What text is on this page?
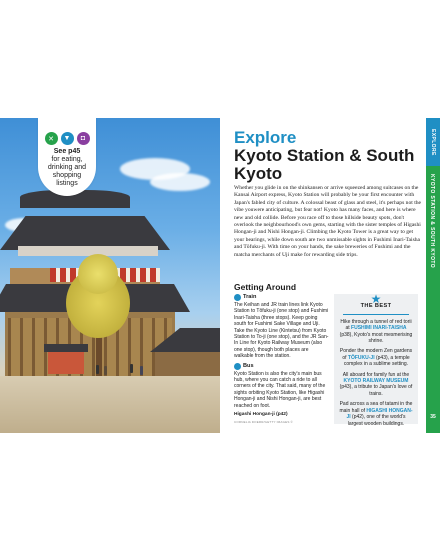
✕	▼	◘
See p45
for eating,
drinking and
shopping
listings
Explore
Kyoto Station & South Kyoto
Whether you glide in on the shinkansen or arrive squeezed among suitcases on the Kansai Airport express, Kyoto Station will probably be your first encounter with Japan's fabled city of culture. A colossal beast of glass and steel, it's perhaps not the vibe youwere anticipating, but fear not! Kyoto has many faces, and here is where new and old collide. Before you race off to those hillside beauty spots, don't overlook the neighbourhood's own gems, starting with the sister temples of Higashi Hongan-ji and Nishi Hongan-ji. Climbing the Kyoto Tower is a great way to get your bearings, while down south are two unmissable sights in Fushimi Inari-Taisha and Tōfuku-ji. With time on your hands, the sake breweries of Fushimi and the matcha merchants of Uji make for rewarding side trips.
Getting Around
Train
The Keihan and JR train lines link Kyoto Station to Tōfuku-ji (one stop) and Fushimi Inari-Taisha (three stops). Keep going south for Fushimi Sake Village and Uji. Take the Kyoto Line (Kintetsu) from Kyoto Station to To-ji (one stop), and the JR San-In Line for Kyoto Railway Museum (also one stop), though both places are walkable from the station.
Bus
Kyoto Station is also the city's main bus hub, where you can catch a ride to all corners of the city. That said, many of the sights orbiting Kyoto Station, like Higashi Hongan-ji and Nishi Hongan-ji, are best reached on foot.
Higashi Hongan-ji (p42)
CORNELIA DOERR/GETTY IMAGES ©
★
THE BEST
Hike through a tunnel of red torii at FUSHIMI INARI-TAISHA (p38), Kyoto's most mesmerising shrine.
Ponder the modern Zen gardens of TŌFUKU-JI (p43), a temple complex in a sublime setting.
All aboard for family fun at the KYOTO RAILWAY MUSEUM (p43), a tribute to Japan's love of trains.
Pad across a sea of tatami in the main hall of HIGASHI HONGAN-JI (p42), one of the world's largest wooden buildings.
EXPLORE
KYOTO STATION & SOUTH KYOTO
35
